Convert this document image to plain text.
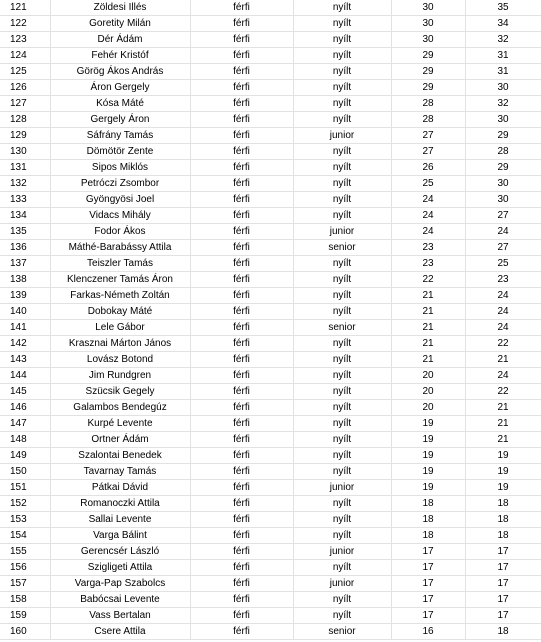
121	Zöldesi Illés	férfi	nyílt	30	35
122	Goretity Milán	férfi	nyílt	30	34
123	Dér Ádám	férfi	nyílt	30	32
124	Fehér Kristóf	férfi	nyílt	29	31
125	Görög Ákos András	férfi	nyílt	29	31
126	Áron Gergely	férfi	nyílt	29	30
127	Kósa Máté	férfi	nyílt	28	32
128	Gergely Áron	férfi	nyílt	28	30
129	Sáfrány Tamás	férfi	junior	27	29
130	Dömötör Zente	férfi	nyílt	27	28
131	Sipos Miklós	férfi	nyílt	26	29
132	Petróczi Zsombor	férfi	nyílt	25	30
133	Gyöngyösi Joel	férfi	nyílt	24	30
134	Vidacs Mihály	férfi	nyílt	24	27
135	Fodor Ákos	férfi	junior	24	24
136	Máthé-Barabássy Attila	férfi	senior	23	27
137	Teiszler Tamás	férfi	nyílt	23	25
138	Klenczener Tamás Áron	férfi	nyílt	22	23
139	Farkas-Németh Zoltán	férfi	nyílt	21	24
140	Dobokay Máté	férfi	nyílt	21	24
141	Lele Gábor	férfi	senior	21	24
142	Krasznai Márton János	férfi	nyílt	21	22
143	Lovász Botond	férfi	nyílt	21	21
144	Jim Rundgren	férfi	nyílt	20	24
145	Szücsik Gegely	férfi	nyílt	20	22
146	Galambos Bendegúz	férfi	nyílt	20	21
147	Kurpé Levente	férfi	nyílt	19	21
148	Ortner Ádám	férfi	nyílt	19	21
149	Szalontai Benedek	férfi	nyílt	19	19
150	Tavarnay Tamás	férfi	nyílt	19	19
151	Pátkai Dávid	férfi	junior	19	19
152	Romanoczki Attila	férfi	nyílt	18	18
153	Sallai Levente	férfi	nyílt	18	18
154	Varga Bálint	férfi	nyílt	18	18
155	Gerencsér László	férfi	junior	17	17
156	Szigligeti Attila	férfi	nyílt	17	17
157	Varga-Pap Szabolcs	férfi	junior	17	17
158	Babócsai Levente	férfi	nyílt	17	17
159	Vass Bertalan	férfi	nyílt	17	17
160	Csere Attila	férfi	senior	16	18
